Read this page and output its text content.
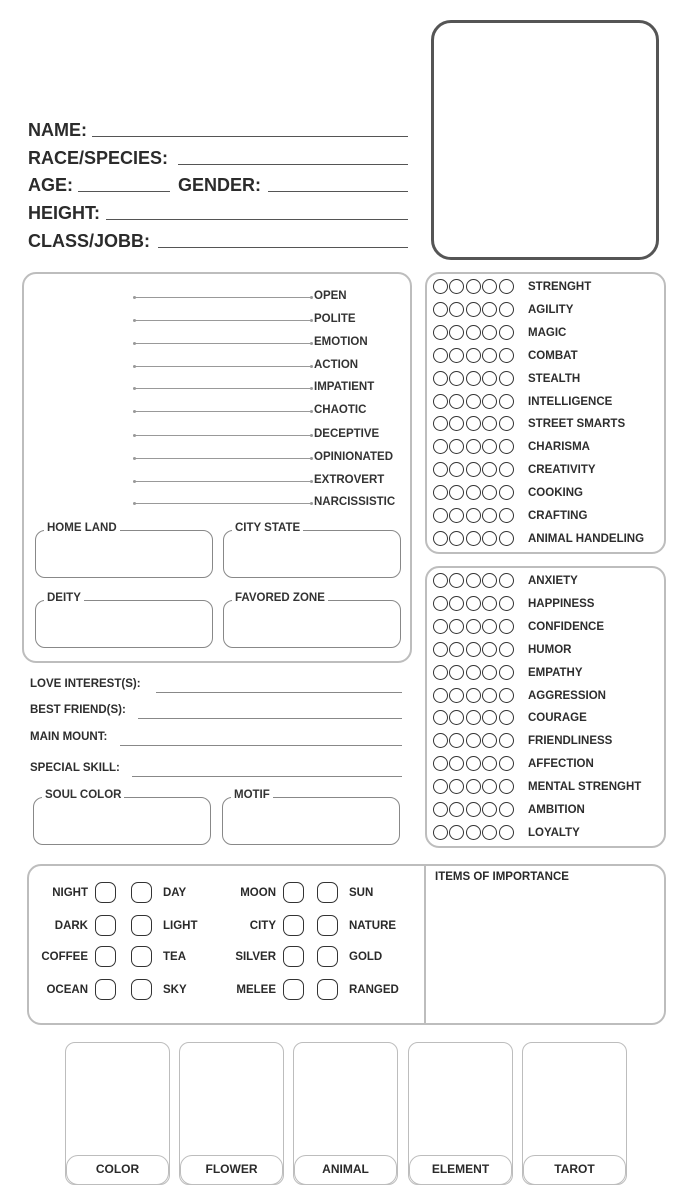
NAME:
RACE/SPECIES:
AGE:	GENDER:
HEIGHT:
CLASS/JOBB:
OPEN
POLITE
EMOTION
ACTION
IMPATIENT
CHAOTIC
DECEPTIVE
OPINIONATED
EXTROVERT
NARCISSISTIC
HOME LAND	CITY STATE
DEITY	FAVORED ZONE
STRENGHT
AGILITY
MAGIC
COMBAT
STEALTH
INTELLIGENCE
STREET SMARTS
CHARISMA
CREATIVITY
COOKING
CRAFTING
ANIMAL HANDELING
ANXIETY
HAPPINESS
CONFIDENCE
HUMOR
EMPATHY
AGGRESSION
COURAGE
FRIENDLINESS
AFFECTION
MENTAL STRENGHT
AMBITION
LOYALTY
LOVE INTEREST(S):
BEST FRIEND(S):
MAIN MOUNT:
SPECIAL SKILL:
SOUL COLOR	MOTIF
ITEMS OF IMPORTANCE
NIGHT	DAY	MOON	SUN
DARK	LIGHT	CITY	NATURE
COFFEE	TEA	SILVER	GOLD
OCEAN	SKY	MELEE	RANGED
COLOR	FLOWER	ANIMAL	ELEMENT	TAROT
